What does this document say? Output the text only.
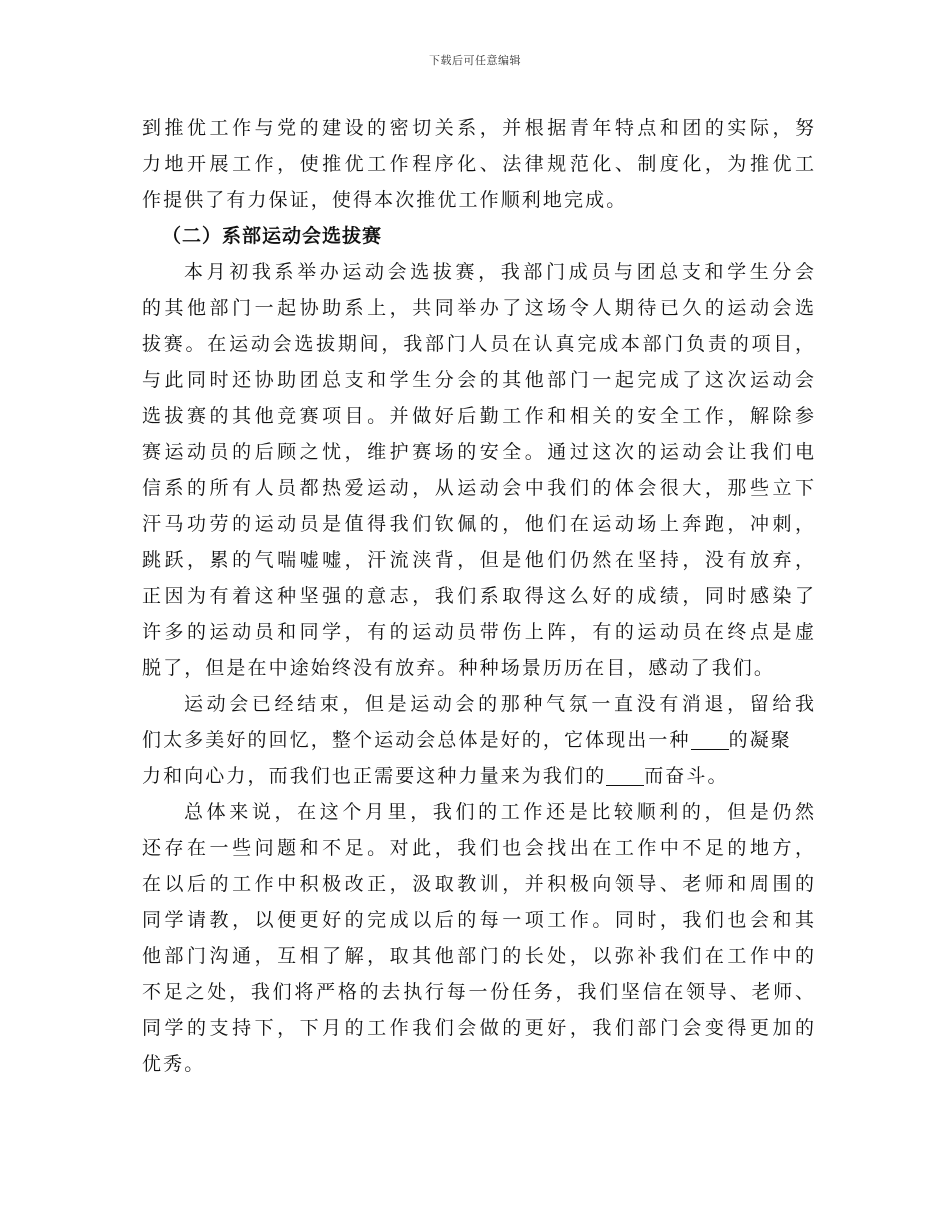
下载后可任意编辑
到推优工作与党的建设的密切关系，并根据青年特点和团的实际，努
力地开展工作，使推优工作程序化、法律规范化、制度化，为推优工
作提供了有力保证，使得本次推优工作顺利地完成。
（二）系部运动会选拔赛
本月初我系举办运动会选拔赛，我部门成员与团总支和学生分会
的其他部门一起协助系上，共同举办了这场令人期待已久的运动会选
拔赛。在运动会选拔期间，我部门人员在认真完成本部门负责的项目，
与此同时还协助团总支和学生分会的其他部门一起完成了这次运动会
选拔赛的其他竞赛项目。并做好后勤工作和相关的安全工作，解除参
赛运动员的后顾之忧，维护赛场的安全。通过这次的运动会让我们电
信系的所有人员都热爱运动，从运动会中我们的体会很大，那些立下
汗马功劳的运动员是值得我们钦佩的，他们在运动场上奔跑，冲刺，
跳跃，累的气喘嘘嘘，汗流浃背，但是他们仍然在坚持，没有放弃，
正因为有着这种坚强的意志，我们系取得这么好的成绩，同时感染了
许多的运动员和同学，有的运动员带伤上阵，有的运动员在终点是虚
脱了，但是在中途始终没有放弃。种种场景历历在目，感动了我们。
运动会已经结束，但是运动会的那种气氛一直没有消退，留给我
们太多美好的回忆，整个运动会总体是好的，它体现出一种 的凝聚
力和向心力，而我们也正需要这种力量来为我们的 而奋斗。
总体来说，在这个月里，我们的工作还是比较顺利的，但是仍然
还存在一些问题和不足。对此，我们也会找出在工作中不足的地方，
在以后的工作中积极改正，汲取教训，并积极向领导、老师和周围的
同学请教，以便更好的完成以后的每一项工作。同时，我们也会和其
他部门沟通，互相了解，取其他部门的长处，以弥补我们在工作中的
不足之处，我们将严格的去执行每一份任务，我们坚信在领导、老师、
同学的支持下，下月的工作我们会做的更好，我们部门会变得更加的
优秀。
